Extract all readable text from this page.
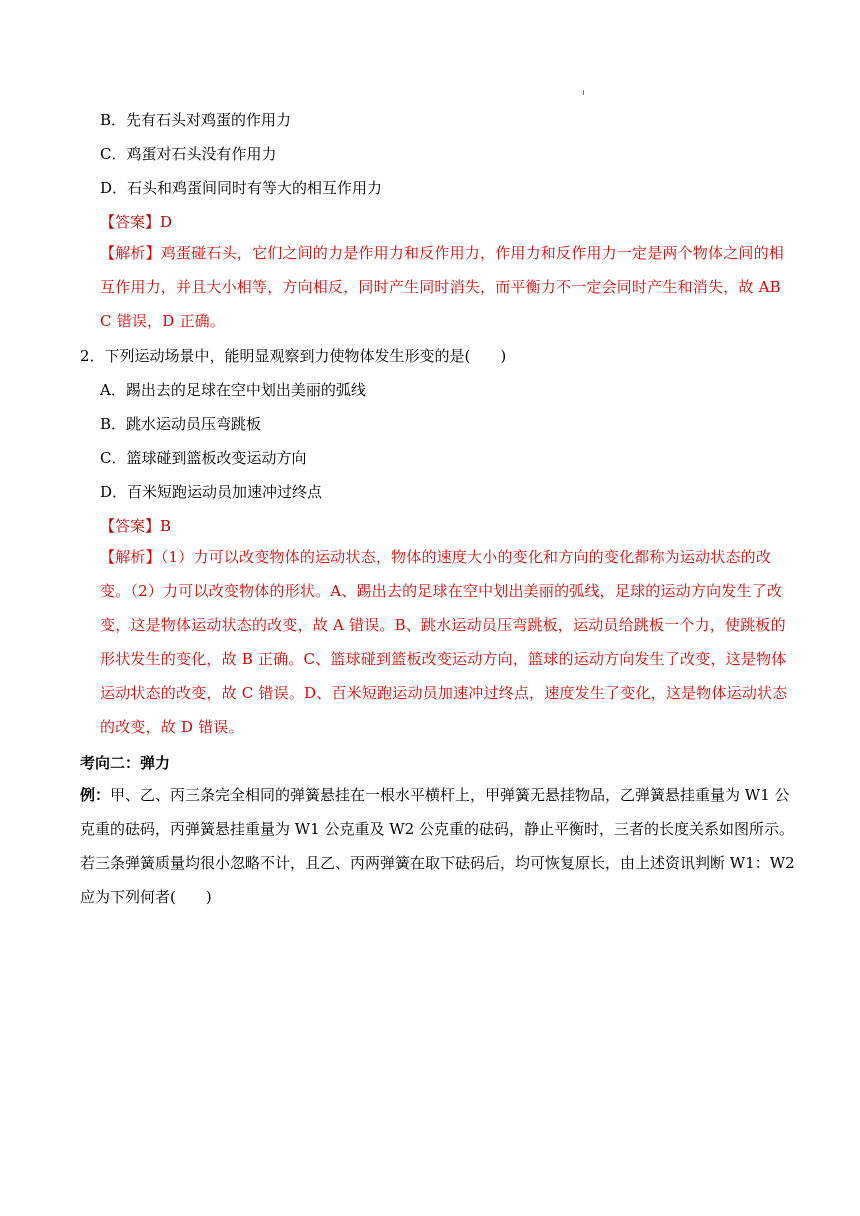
B．先有石头对鸡蛋的作用力
C．鸡蛋对石头没有作用力
D．石头和鸡蛋间同时有等大的相互作用力
【答案】D
【解析】鸡蛋碰石头，它们之间的力是作用力和反作用力，作用力和反作用力一定是两个物体之间的相
互作用力，并且大小相等，方向相反，同时产生同时消失，而平衡力不一定会同时产生和消失，故 AB
C 错误，D 正确。
2．下列运动场景中，能明显观察到力使物体发生形变的是(　　)
A．踢出去的足球在空中划出美丽的弧线
B．跳水运动员压弯跳板
C．篮球碰到篮板改变运动方向
D．百米短跑运动员加速冲过终点
【答案】B
【解析】（1）力可以改变物体的运动状态，物体的速度大小的变化和方向的变化都称为运动状态的改
变。（2）力可以改变物体的形状。A、踢出去的足球在空中划出美丽的弧线，足球的运动方向发生了改
变，这是物体运动状态的改变，故 A 错误。B、跳水运动员压弯跳板，运动员给跳板一个力，使跳板的
形状发生的变化，故 B 正确。C、篮球碰到篮板改变运动方向，篮球的运动方向发生了改变，这是物体
运动状态的改变，故 C 错误。D、百米短跑运动员加速冲过终点，速度发生了变化，这是物体运动状态
的改变，故 D 错误。
考向二：弹力
例：甲、乙、丙三条完全相同的弹簧悬挂在一根水平横杆上，甲弹簧无悬挂物品，乙弹簧悬挂重量为 W1 公
克重的砝码，丙弹簧悬挂重量为 W1 公克重及 W2 公克重的砝码，静止平衡时，三者的长度关系如图所示。
若三条弹簧质量均很小忽略不计，且乙、丙两弹簧在取下砝码后，均可恢复原长，由上述资讯判断 W1：W2
应为下列何者(　　)
